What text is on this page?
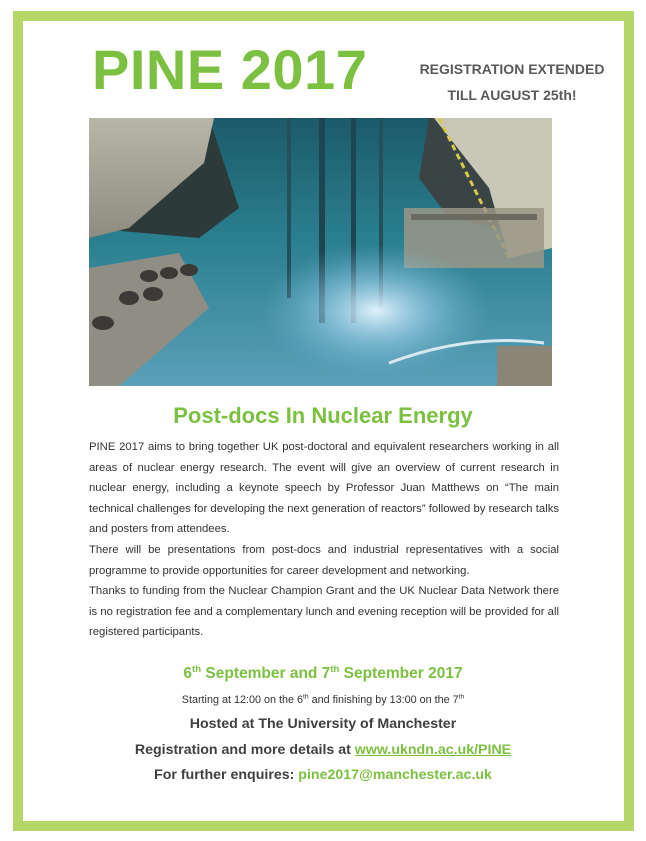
PINE 2017	REGISTRATION EXTENDED
TILL AUGUST 25th!
Post-docs In Nuclear Energy

PINE 2017 aims to bring together UK post-doctoral and equivalent researchers working in all areas of nuclear energy research. The event will give an overview of current research in nuclear energy, including a keynote speech by Professor Juan Matthews on “The main technical challenges for developing the next generation of reactors” followed by research talks and posters from attendees.

There will be presentations from post-docs and industrial representatives with a social programme to provide opportunities for career development and networking.

Thanks to funding from the Nuclear Champion Grant and the UK Nuclear Data Network there is no registration fee and a complementary lunch and evening reception will be provided for all registered participants.

6th September and 7th September 2017
Starting at 12:00 on the 6th and finishing by 13:00 on the 7th
Hosted at The University of Manchester
Registration and more details at www.ukndn.ac.uk/PINE
For further enquires: pine2017@manchester.ac.uk
